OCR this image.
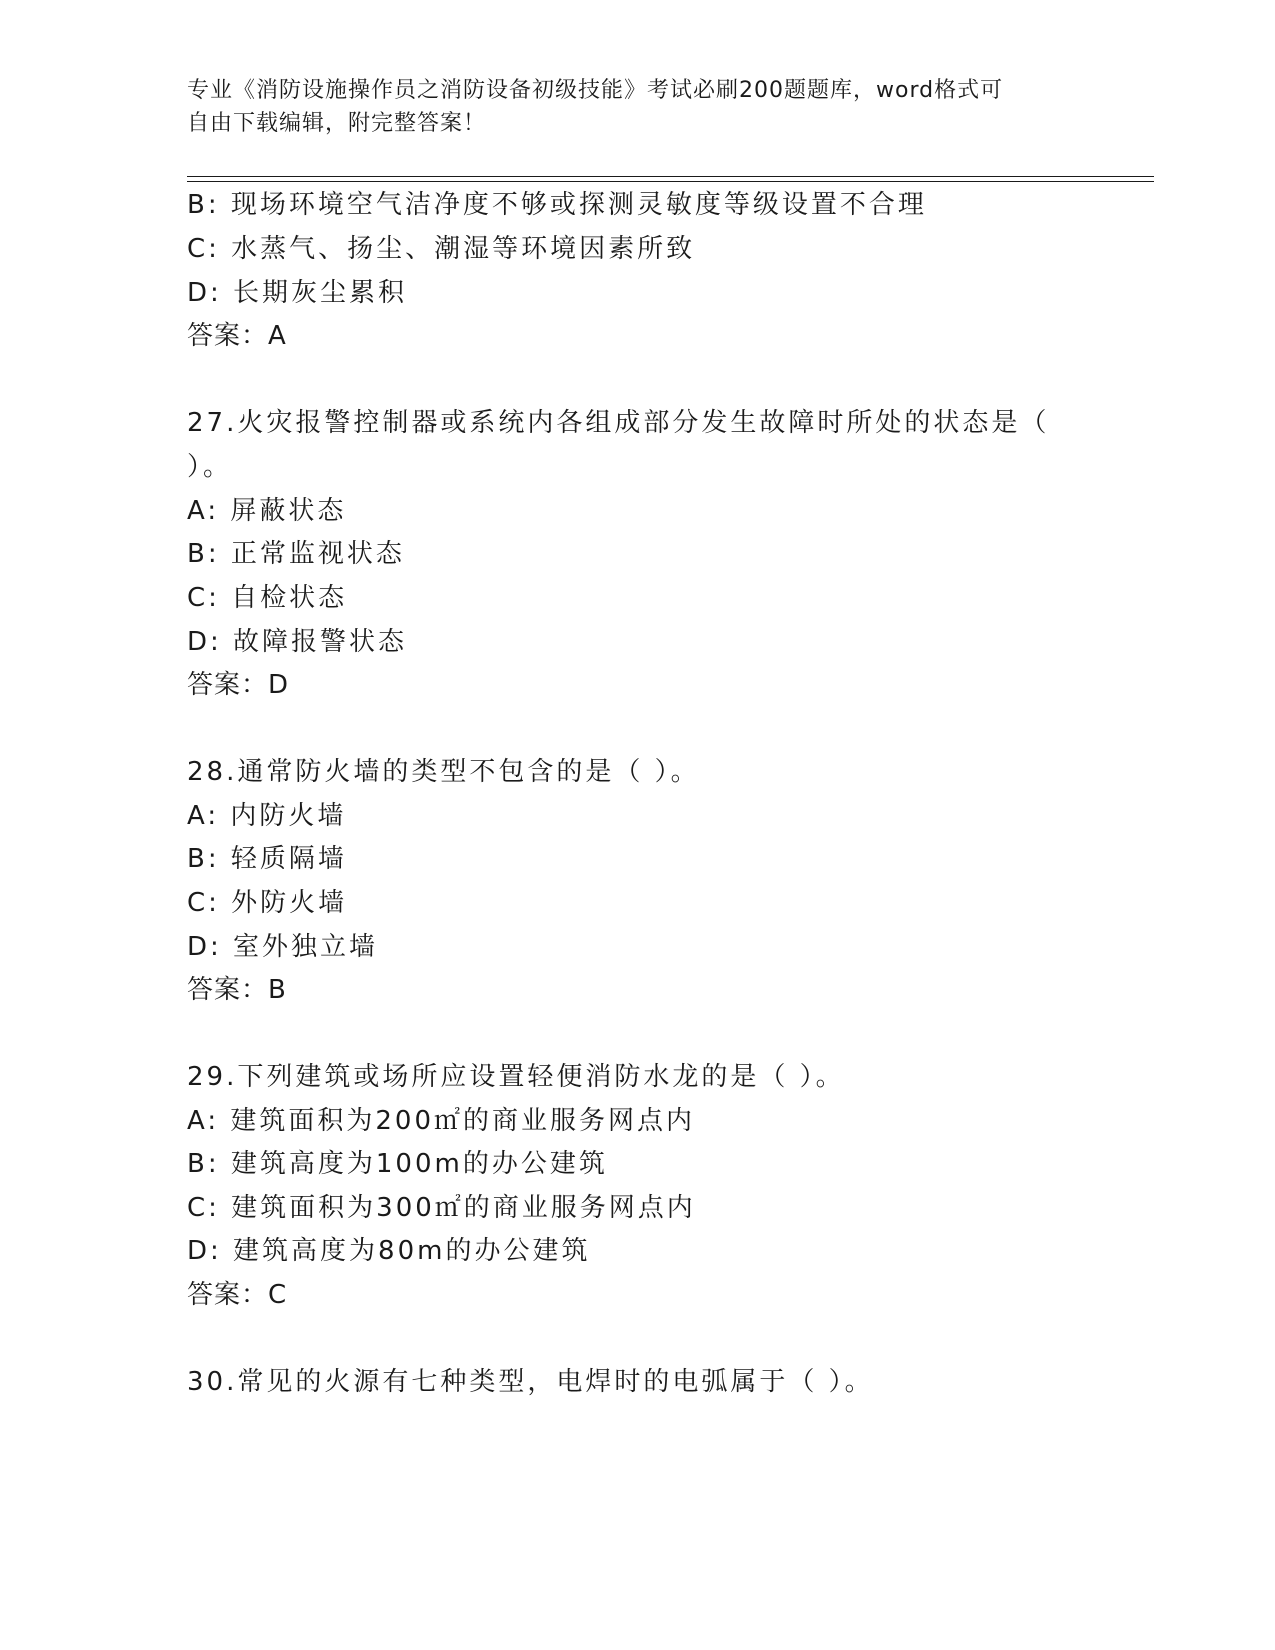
专业《消防设施操作员之消防设备初级技能》考试必刷200题题库，word格式可
自由下载编辑，附完整答案！
B: 现场环境空气洁净度不够或探测灵敏度等级设置不合理
C: 水蒸气、扬尘、潮湿等环境因素所致
D: 长期灰尘累积
答案：A
27.火灾报警控制器或系统内各组成部分发生故障时所处的状态是（
）。
A: 屏蔽状态
B: 正常监视状态
C: 自检状态
D: 故障报警状态
答案：D
28.通常防火墙的类型不包含的是（ ）。
A: 内防火墙
B: 轻质隔墙
C: 外防火墙
D: 室外独立墙
答案：B
29.下列建筑或场所应设置轻便消防水龙的是（ ）。
A: 建筑面积为200㎡的商业服务网点内
B: 建筑高度为100m的办公建筑
C: 建筑面积为300㎡的商业服务网点内
D: 建筑高度为80m的办公建筑
答案：C
30.常见的火源有七种类型，电焊时的电弧属于（ ）。
